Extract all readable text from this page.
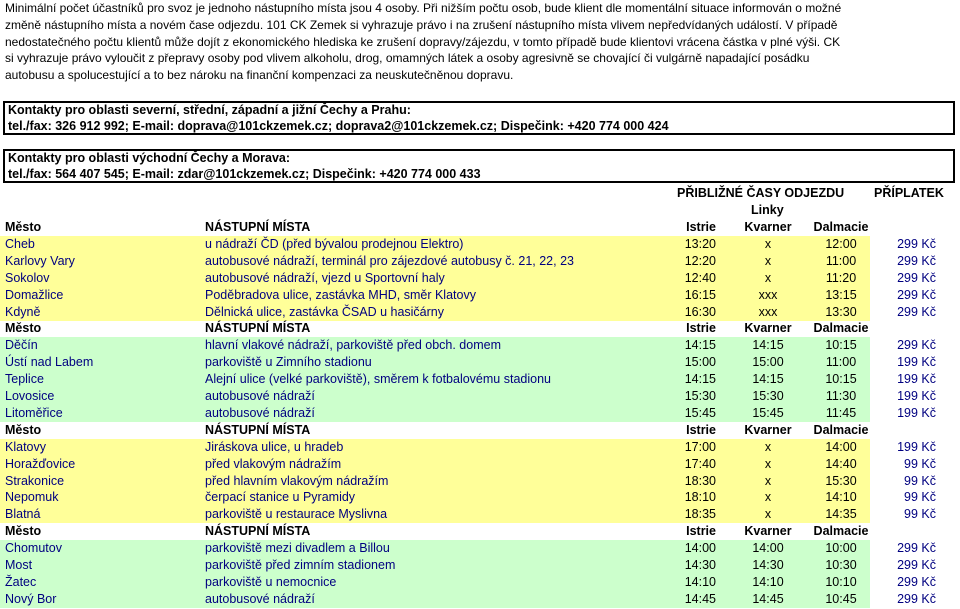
Minimální počet účastníků pro svoz je jednoho nástupního místa jsou 4 osoby. Při nižším počtu osob, bude klient dle momentální situace informován o možné
změně nástupního místa a novém čase odjezdu. 101 CK Zemek si vyhrazuje právo i na zrušení nástupního místa vlivem nepředvídaných událostí. V případě
nedostatečného počtu klientů může dojít z ekonomického hlediska ke zrušení dopravy/zájezdu, v tomto případě bude klientovi vrácena částka v plné výši. CK
si vyhrazuje právo vyloučit z přepravy osoby pod vlivem alkoholu, drog, omamných látek a osoby agresivně se chovající či vulgárně napadající posádku
autobusu a spolucestující a to bez nároku na finanční kompenzaci za neuskutečněnou dopravu.
Kontakty pro oblasti severní, střední, západní a jižní Čechy a Prahu:
tel./fax: 326 912 992; E-mail: doprava@101ckzemek.cz; doprava2@101ckzemek.cz; Dispečink: +420 774 000 424
Kontakty pro oblasti východní Čechy a Morava:
tel./fax: 564 407 545; E-mail: zdar@101ckzemek.cz; Dispečink: +420 774 000 433
PŘIBLIŽNÉ ČASY ODJEZDU PŘÍPLATEK
Linky
Město	NÁSTUPNÍ MÍSTA	Istrie	Kvarner	Dalmacie
Cheb	u nádraží ČD (před bývalou prodejnou Elektro)	13:20	x	12:00	299 Kč
Karlovy Vary	autobusové nádraží, terminál pro zájezdové autobusy č. 21, 22, 23	12:20	x	11:00	299 Kč
Sokolov	autobusové nádraží, vjezd u Sportovní haly	12:40	x	11:20	299 Kč
Domažlice	Poděbradova ulice, zastávka MHD, směr Klatovy	16:15	xxx	13:15	299 Kč
Kdyně	Dělnická ulice, zastávka ČSAD u hasičárny	16:30	xxx	13:30	299 Kč
Město	NÁSTUPNÍ MÍSTA	Istrie	Kvarner	Dalmacie
Děčín	hlavní vlakové nádraží, parkoviště před obch. domem	14:15	14:15	10:15	299 Kč
Ústí nad Labem	parkoviště u Zimního stadionu	15:00	15:00	11:00	199 Kč
Teplice	Alejní ulice (velké parkoviště), směrem k fotbalovému stadionu	14:15	14:15	10:15	199 Kč
Lovosice	autobusové nádraží	15:30	15:30	11:30	199 Kč
Litoměřice	autobusové nádraží	15:45	15:45	11:45	199 Kč
Město	NÁSTUPNÍ MÍSTA	Istrie	Kvarner	Dalmacie
Klatovy	Jiráskova ulice, u hradeb	17:00	x	14:00	199 Kč
Horažďovice	před vlakovým nádražím	17:40	x	14:40	99 Kč
Strakonice	před hlavním vlakovým nádražím	18:30	x	15:30	99 Kč
Nepomuk	čerpací stanice u Pyramidy	18:10	x	14:10	99 Kč
Blatná	parkoviště u restaurace Myslivna	18:35	x	14:35	99 Kč
Město	NÁSTUPNÍ MÍSTA	Istrie	Kvarner	Dalmacie
Chomutov	parkoviště mezi divadlem a Billou	14:00	14:00	10:00	299 Kč
Most	parkoviště před zimním stadionem	14:30	14:30	10:30	299 Kč
Žatec	parkoviště u nemocnice	14:10	14:10	10:10	299 Kč
Nový Bor	autobusové nádraží	14:45	14:45	10:45	299 Kč
